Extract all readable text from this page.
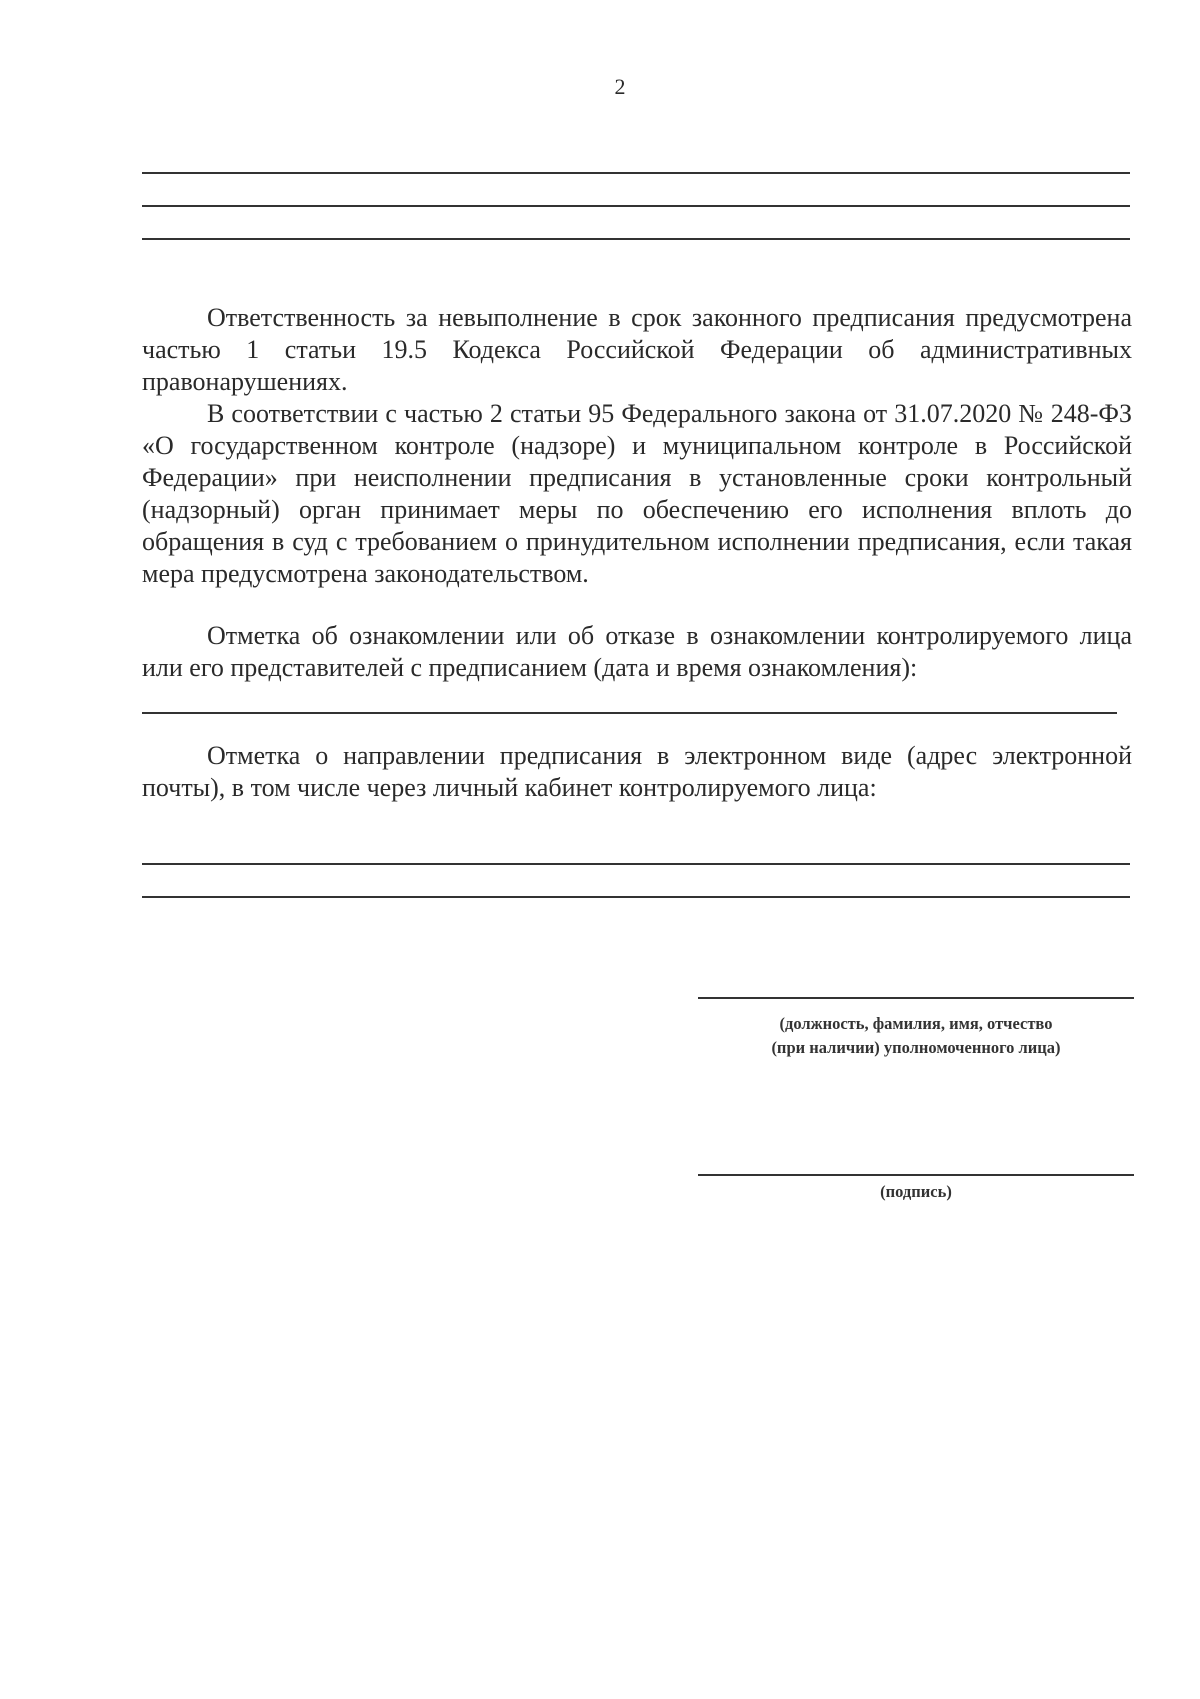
2

Ответственность за невыполнение в срок законного предписания предусмотрена частью 1 статьи 19.5 Кодекса Российской Федерации об административных правонарушениях.

В соответствии с частью 2 статьи 95 Федерального закона от 31.07.2020 № 248-ФЗ «О государственном контроле (надзоре) и муниципальном контроле в Российской Федерации» при неисполнении предписания в установленные сроки контрольный (надзорный) орган принимает меры по обеспечению его исполнения вплоть до обращения в суд с требованием о принудительном исполнении предписания, если такая мера предусмотрена законодательством.

Отметка об ознакомлении или об отказе в ознакомлении контролируемого лица или его представителей с предписанием (дата и время ознакомления):

Отметка о направлении предписания в электронном виде (адрес электронной почты), в том числе через личный кабинет контролируемого лица:

(должность, фамилия, имя, отчество
(при наличии) уполномоченного лица)
(подпись)
